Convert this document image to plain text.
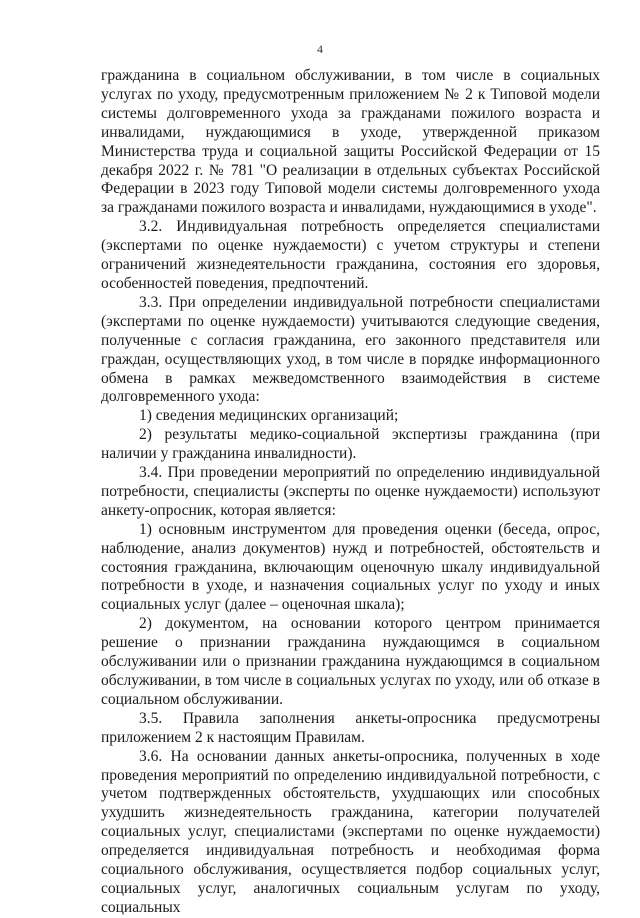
4

гражданина в социальном обслуживании, в том числе в социальных услугах по уходу, предусмотренным приложением № 2 к Типовой модели системы долговременного ухода за гражданами пожилого возраста и инвалидами, нуждающимися в уходе, утвержденной приказом Министерства труда и социальной защиты Российской Федерации от 15 декабря 2022 г. № 781 "О реализации в отдельных субъектах Российской Федерации в 2023 году Типовой модели системы долговременного ухода за гражданами пожилого возраста и инвалидами, нуждающимися в уходе".

3.2. Индивидуальная потребность определяется специалистами (экспертами по оценке нуждаемости) с учетом структуры и степени ограничений жизнедеятельности гражданина, состояния его здоровья, особенностей поведения, предпочтений.

3.3. При определении индивидуальной потребности специалистами (экспертами по оценке нуждаемости) учитываются следующие сведения, полученные с согласия гражданина, его законного представителя или граждан, осуществляющих уход, в том числе в порядке информационного обмена в рамках межведомственного взаимодействия в системе долговременного ухода:

1) сведения медицинских организаций;

2) результаты медико-социальной экспертизы гражданина (при наличии у гражданина инвалидности).

3.4. При проведении мероприятий по определению индивидуальной потребности, специалисты (эксперты по оценке нуждаемости) используют анкету-опросник, которая является:

1) основным инструментом для проведения оценки (беседа, опрос, наблюдение, анализ документов) нужд и потребностей, обстоятельств и состояния гражданина, включающим оценочную шкалу индивидуальной потребности в уходе, и назначения социальных услуг по уходу и иных социальных услуг (далее – оценочная шкала);

2) документом, на основании которого центром принимается решение о признании гражданина нуждающимся в социальном обслуживании или о признании гражданина нуждающимся в социальном обслуживании, в том числе в социальных услугах по уходу, или об отказе в социальном обслуживании.

3.5. Правила заполнения анкеты-опросника предусмотрены приложением 2 к настоящим Правилам.

3.6. На основании данных анкеты-опросника, полученных в ходе проведения мероприятий по определению индивидуальной потребности, с учетом подтвержденных обстоятельств, ухудшающих или способных ухудшить жизнедеятельность гражданина, категории получателей социальных услуг, специалистами (экспертами по оценке нуждаемости) определяется индивидуальная потребность и необходимая форма социального обслуживания, осуществляется подбор социальных услуг, социальных услуг, аналогичных социальным услугам по уходу, социальных
